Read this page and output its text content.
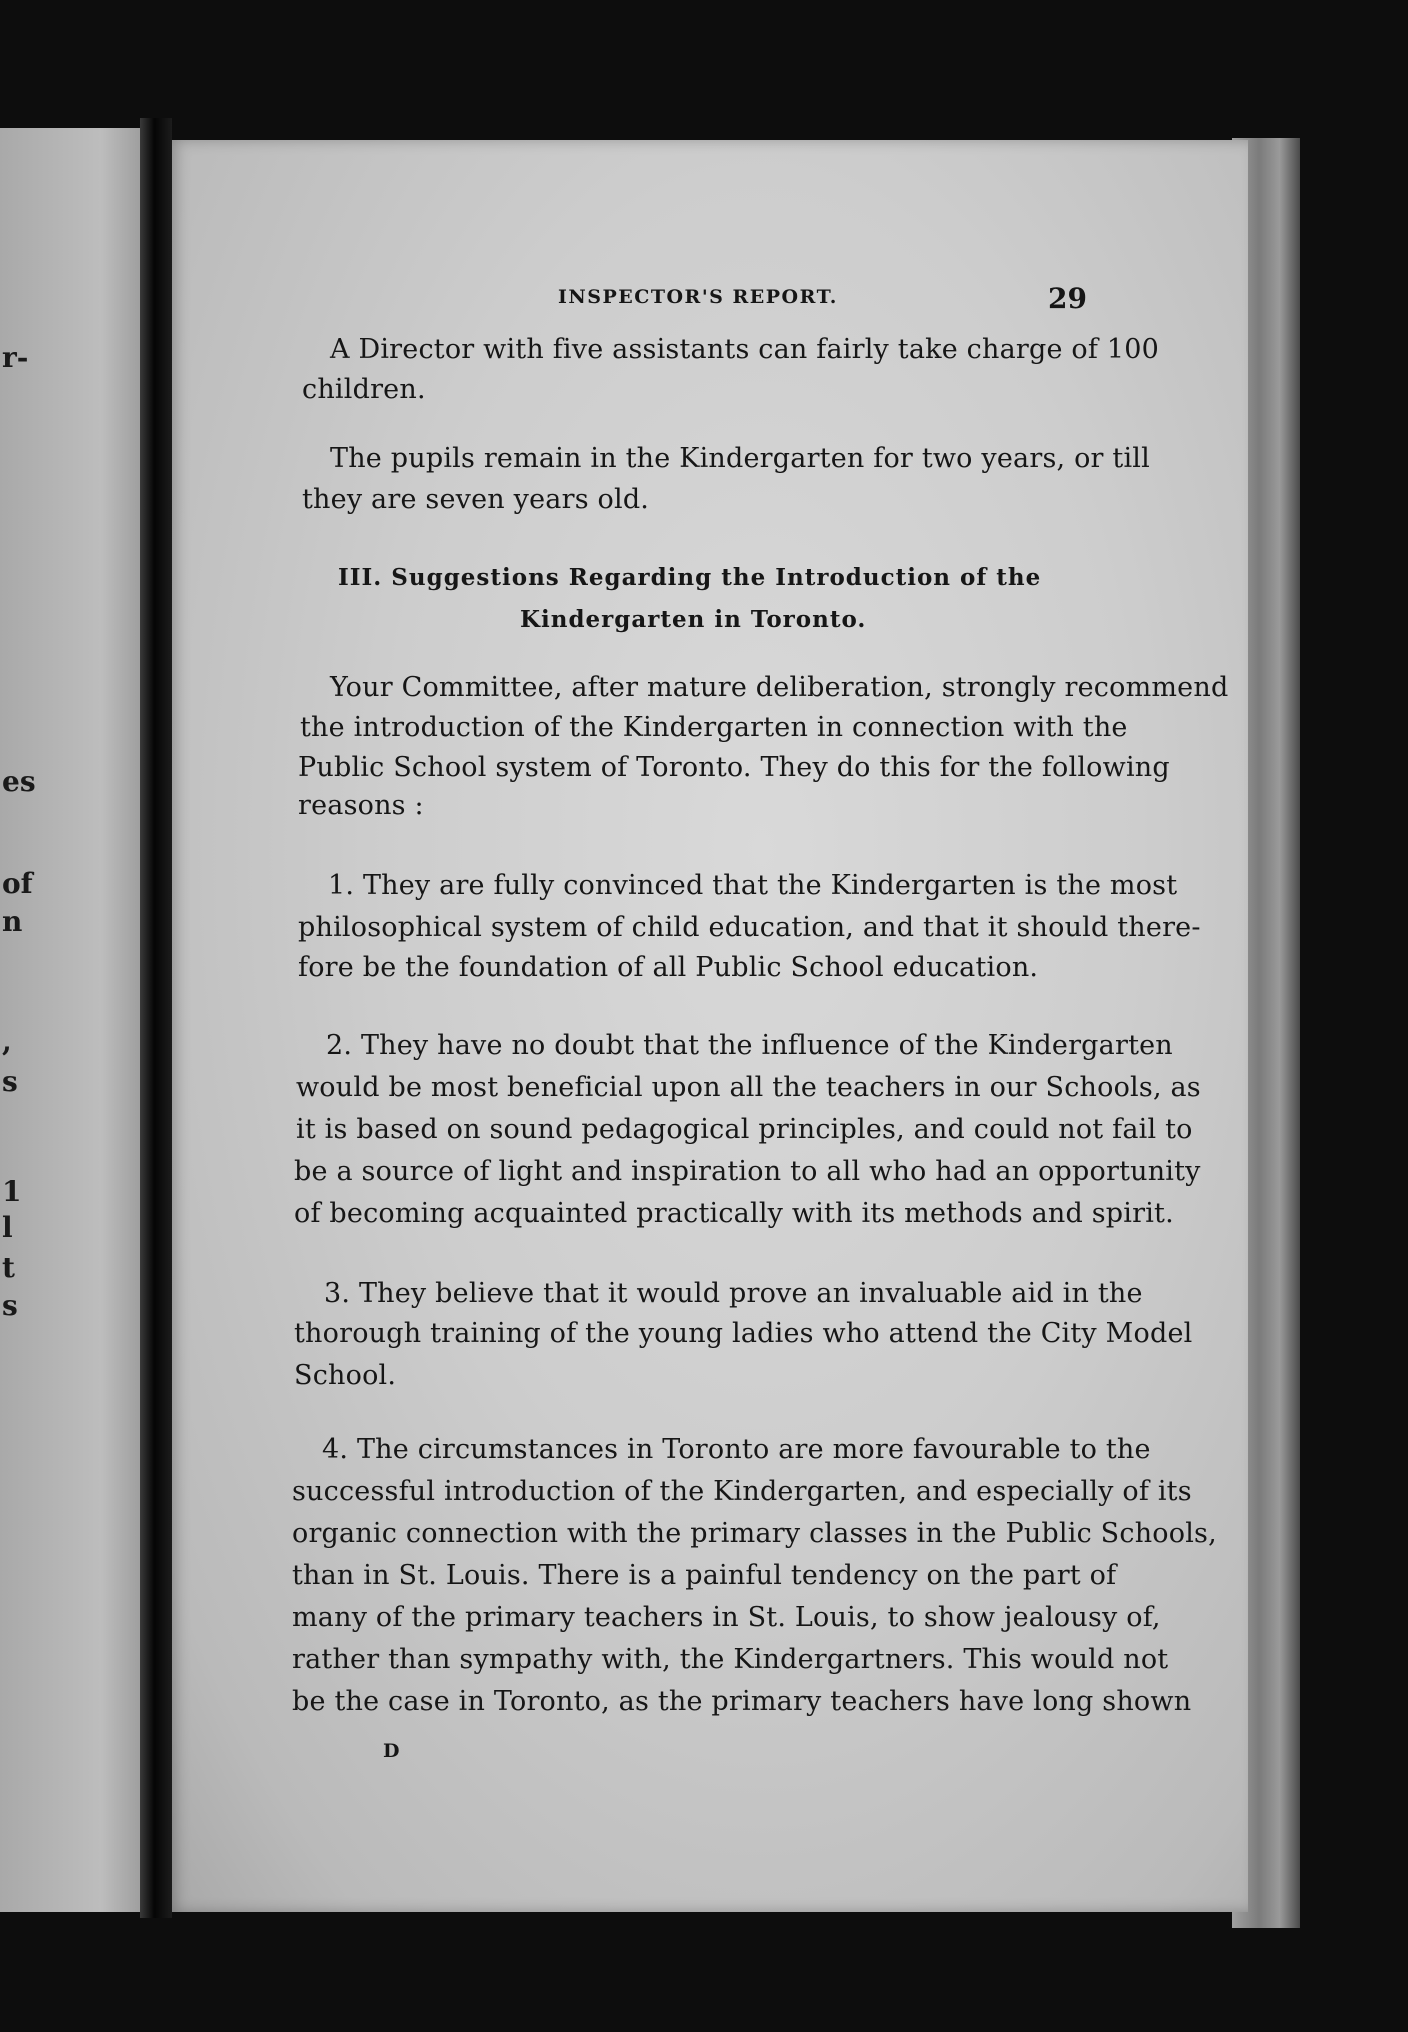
r-
es
of
n
,
s
1
l
t
s
INSPECTOR'S REPORT.	29
A Director with five assistants can fairly take charge of 100
children.
The pupils remain in the Kindergarten for two years, or till
they are seven years old.
III. Suggestions Regarding the Introduction of the
Kindergarten in Toronto.
Your Committee, after mature deliberation, strongly recommend
the introduction of the Kindergarten in connection with the
Public School system of Toronto. They do this for the following
reasons :
1. They are fully convinced that the Kindergarten is the most
philosophical system of child education, and that it should there-
fore be the foundation of all Public School education.
2. They have no doubt that the influence of the Kindergarten
would be most beneficial upon all the teachers in our Schools, as
it is based on sound pedagogical principles, and could not fail to
be a source of light and inspiration to all who had an opportunity
of becoming acquainted practically with its methods and spirit.
3. They believe that it would prove an invaluable aid in the
thorough training of the young ladies who attend the City Model
School.
4. The circumstances in Toronto are more favourable to the
successful introduction of the Kindergarten, and especially of its
organic connection with the primary classes in the Public Schools,
than in St. Louis. There is a painful tendency on the part of
many of the primary teachers in St. Louis, to show jealousy of,
rather than sympathy with, the Kindergartners. This would not
be the case in Toronto, as the primary teachers have long shown
D
